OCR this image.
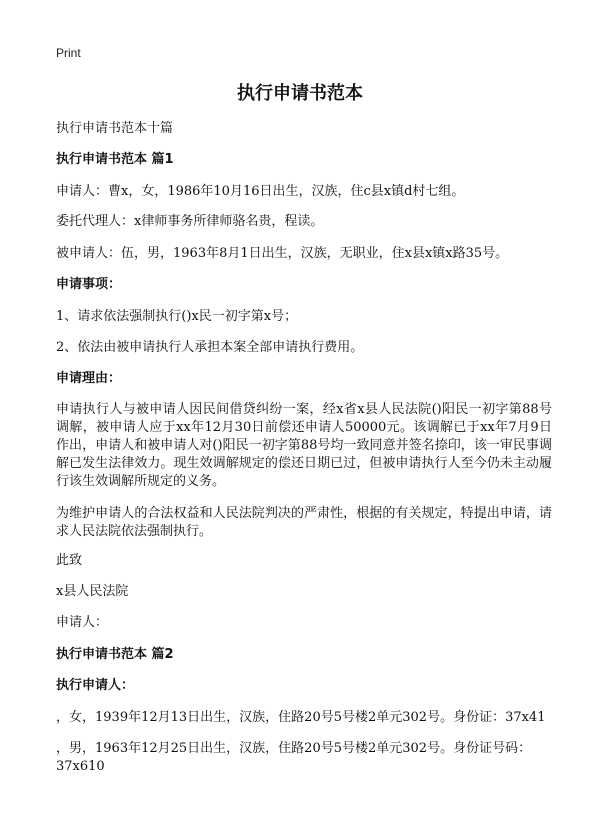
Print
执行申请书范本
执行申请书范本十篇
执行申请书范本 篇1
申请人：曹x，女，1986年10月16日出生，汉族，住c县x镇d村七组。
委托代理人：x律师事务所律师骆名贵，程读。
被申请人：伍，男，1963年8月1日出生，汉族，无职业，住x县x镇x路35号。
申请事项：
1、请求依法强制执行()x民一初字第x号；
2、依法由被申请执行人承担本案全部申请执行费用。
申请理由：
申请执行人与被申请人因民间借贷纠纷一案，经x省x县人民法院()阳民一初字第88号调解，被申请人应于xx年12月30日前偿还申请人50000元。该调解已于xx年7月9日作出，申请人和被申请人对()阳民一初字第88号均一致同意并签名捺印，该一审民事调解已发生法律效力。现生效调解规定的偿还日期已过，但被申请执行人至今仍未主动履行该生效调解所规定的义务。
为维护申请人的合法权益和人民法院判决的严肃性，根据的有关规定，特提出申请，请求人民法院依法强制执行。
此致
x县人民法院
申请人：
执行申请书范本 篇2
执行申请人：
，女，1939年12月13日出生，汉族，住路20号5号楼2单元302号。身份证：37x41
，男，1963年12月25日出生，汉族，住路20号5号楼2单元302号。身份证号码：
37x610
